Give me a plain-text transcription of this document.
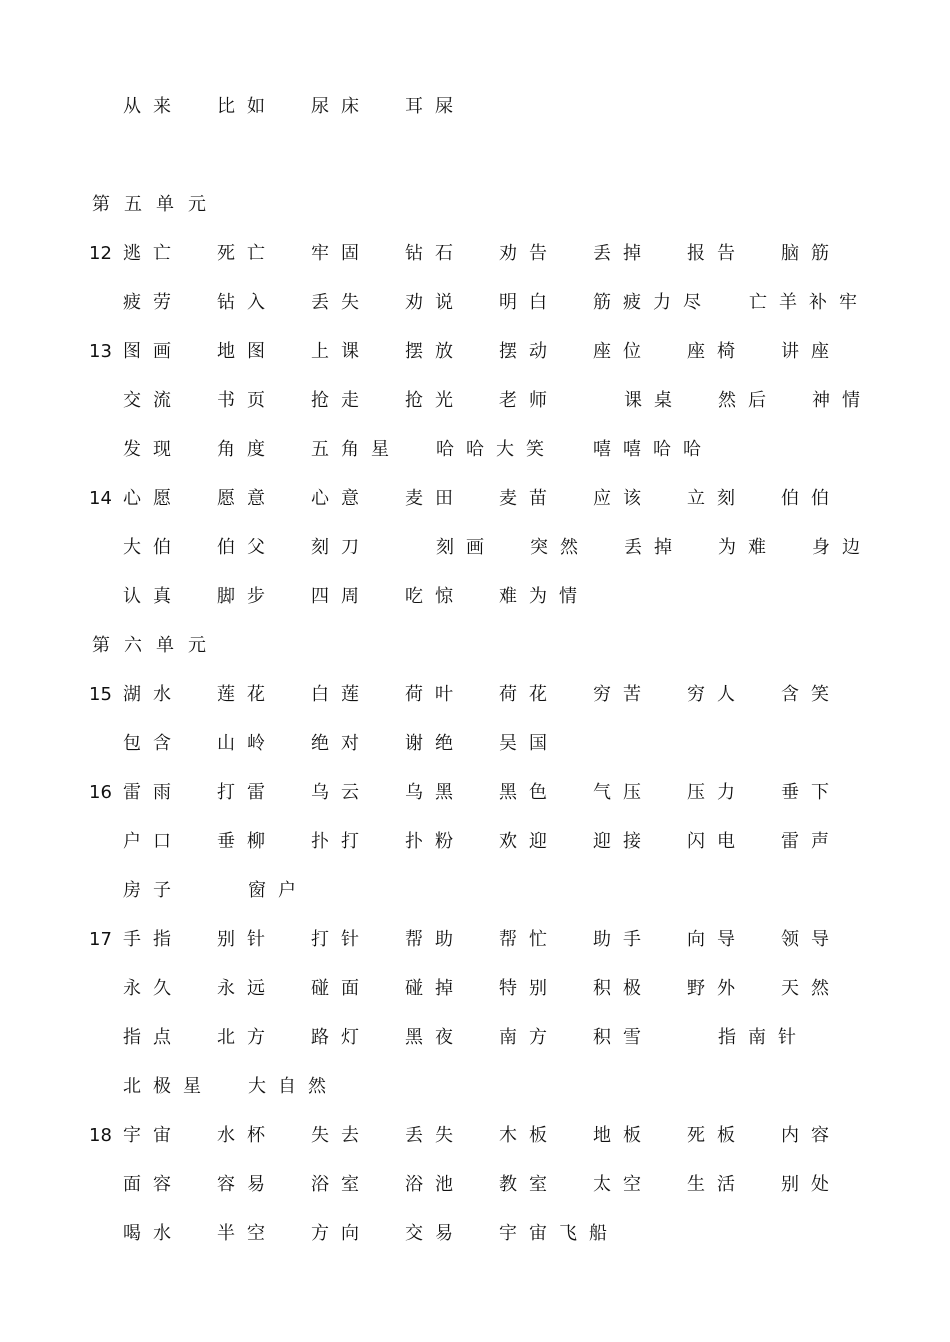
从来 比如 尿床 耳屎
第五单元
12 逃亡 死亡 牢固 钻石 劝告 丢掉 报告 脑筋
疲劳 钻入 丢失 劝说 明白 筋疲力尽 亡羊补牢
13 图画 地图 上课 摆放 摆动 座位 座椅 讲座
交流 书页 抢走 抢光 老师	课桌 然后 神情
发现 角度 五角星 哈哈大笑 嘻嘻哈哈
14 心愿 愿意 心意 麦田 麦苗 应该 立刻 伯伯
大伯 伯父 刻刀	刻画 突然 丢掉 为难 身边
认真 脚步 四周 吃惊 难为情
第六单元
15 湖水 莲花 白莲 荷叶 荷花 穷苦 穷人 含笑
包含 山岭 绝对 谢绝 吴国
16 雷雨 打雷 乌云 乌黑 黑色 气压 压力 垂下
户口 垂柳 扑打 扑粉 欢迎 迎接 闪电 雷声
房子	窗户
17 手指 别针 打针 帮助 帮忙 助手 向导 领导
永久 永远 碰面 碰掉 特别 积极 野外 天然
指点 北方 路灯 黑夜 南方 积雪	指南针
北极星 大自然
18 宇宙 水杯 失去 丢失 木板 地板 死板 内容
面容 容易 浴室 浴池 教室 太空 生活 别处
喝水 半空 方向 交易 宇宙飞船
